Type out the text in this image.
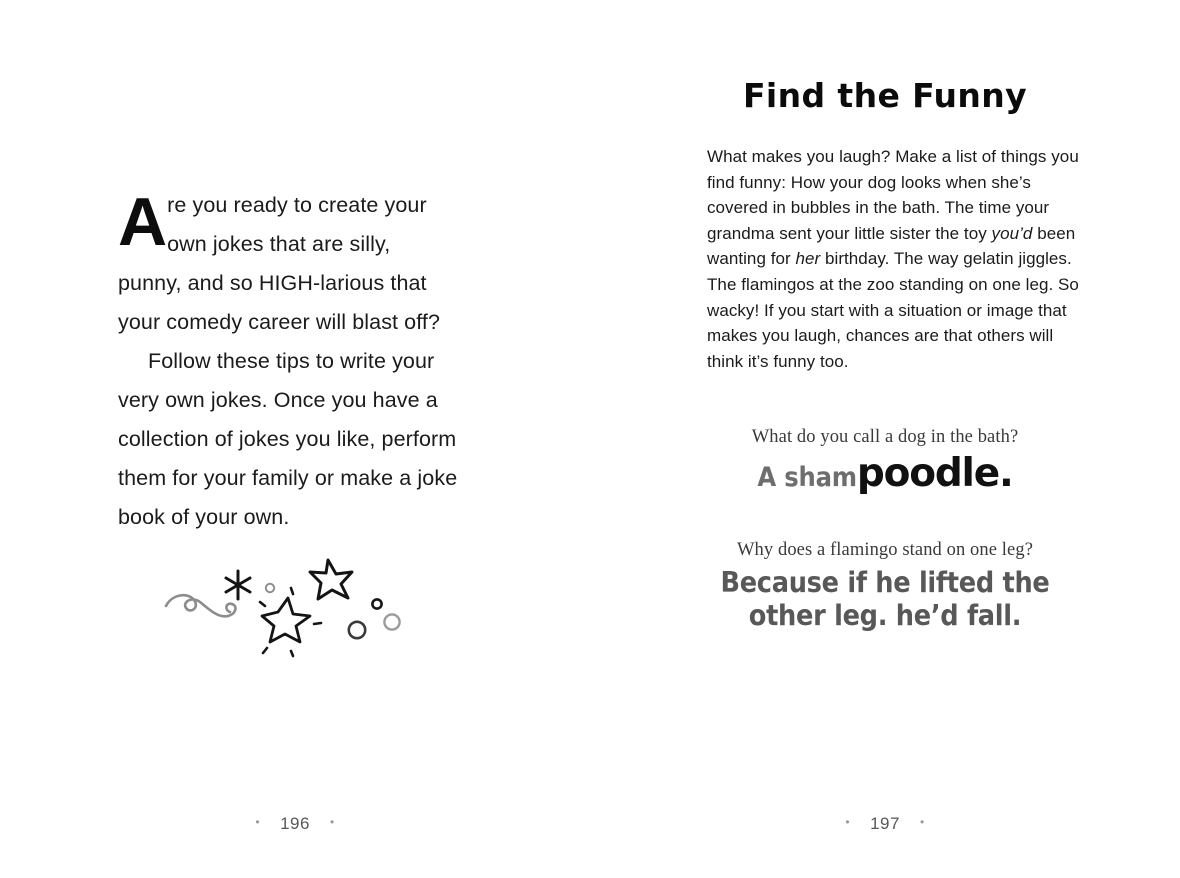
Are you ready to create your own jokes that are silly, punny, and so HIGH-larious that your comedy career will blast off?

Follow these tips to write your very own jokes. Once you have a collection of jokes you like, perform them for your family or make a joke book of your own.

• 196 •
Find the Funny
What makes you laugh? Make a list of things you find funny: How your dog looks when she’s covered in bubbles in the bath. The time your grandma sent your little sister the toy you’d been wanting for her birthday. The way gelatin jiggles. The flamingos at the zoo standing on one leg. So wacky! If you start with a situation or image that makes you laugh, chances are that others will think it’s funny too.
What do you call a dog in the bath?
A shampoodle.
Why does a flamingo stand on one leg?
Because if he lifted the
other leg. he’d fall.
• 197 •
